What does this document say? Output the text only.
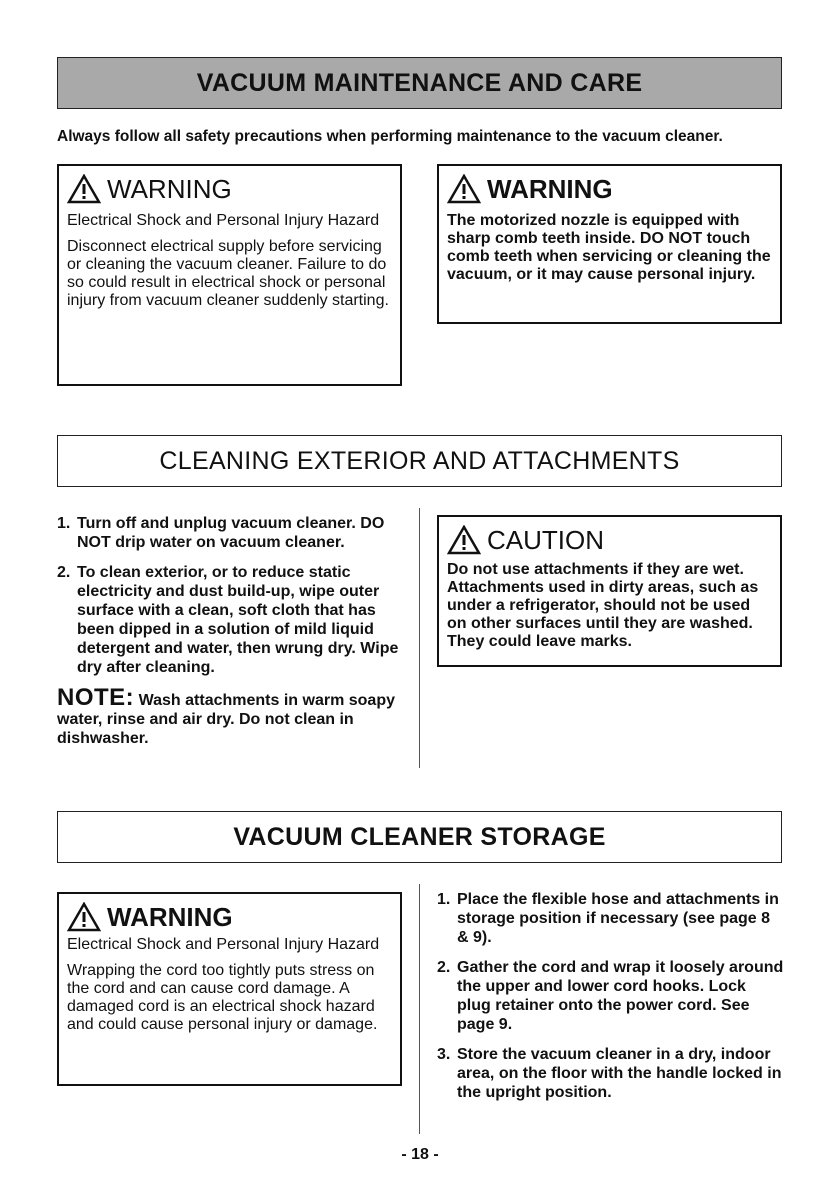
VACUUM MAINTENANCE AND CARE
Always follow all safety precautions when performing maintenance to the vacuum cleaner.
WARNING

Electrical Shock and Personal Injury Hazard

Disconnect electrical supply before servicing or cleaning the vacuum cleaner. Failure to do so could result in electrical shock or personal injury from vacuum cleaner suddenly starting.

WARNING

The motorized nozzle is equipped with sharp comb teeth inside. DO NOT touch comb teeth when servicing or cleaning the vacuum, or it may cause personal injury.

CLEANING EXTERIOR AND ATTACHMENTS
1. Turn off and unplug vacuum cleaner. DO NOT drip water on vacuum cleaner.
2. To clean exterior, or to reduce static electricity and dust build-up, wipe outer surface with a clean, soft cloth that has been dipped in a solution of mild liquid detergent and water, then wrung dry. Wipe dry after cleaning.
NOTE: Wash attachments in warm soapy water, rinse and air dry. Do not clean in dishwasher.
CAUTION

Do not use attachments if they are wet. Attachments used in dirty areas, such as under a refrigerator, should not be used on other surfaces until they are washed. They could leave marks.

VACUUM CLEANER STORAGE
WARNING

Electrical Shock and Personal Injury Hazard

Wrapping the cord too tightly puts stress on the cord and can cause cord damage. A damaged cord is an electrical shock hazard and could cause personal injury or damage.

1. Place the flexible hose and attachments in storage position if necessary (see page 8 & 9).
2. Gather the cord and wrap it loosely around the upper and lower cord hooks. Lock plug retainer onto the power cord. See page 9.
3. Store the vacuum cleaner in a dry, indoor area, on the floor with the handle locked in the upright position.
- 18 -
